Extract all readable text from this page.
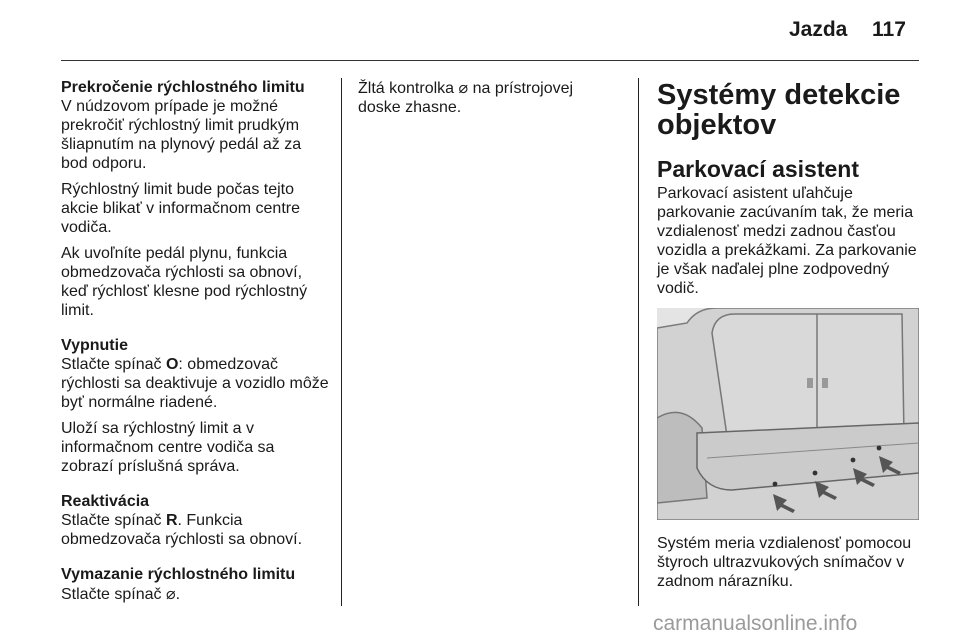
Jazda 117

Prekročenie rýchlostného limitu

V núdzovom prípade je možné prekročiť rýchlostný limit prudkým šliapnutím na plynový pedál až za bod odporu.

Rýchlostný limit bude počas tejto akcie blikať v informačnom centre vodiča.

Ak uvoľníte pedál plynu, funkcia obmedzovača rýchlosti sa obnoví, keď rýchlosť klesne pod rýchlostný limit.

Vypnutie

Stlačte spínač O: obmedzovač rýchlosti sa deaktivuje a vozidlo môže byť normálne riadené.

Uloží sa rýchlostný limit a v informačnom centre vodiča sa zobrazí príslušná správa.

Reaktivácia

Stlačte spínač R. Funkcia obmedzovača rýchlosti sa obnoví.

Vymazanie rýchlostného limitu

Stlačte spínač ⌀.

Žltá kontrolka ⌀ na prístrojovej doske zhasne.	Systémy detekcie objektov
Parkovací asistent

Parkovací asistent uľahčuje parkovanie zacúvaním tak, že meria vzdialenosť medzi zadnou časťou vozidla a prekážkami. Za parkovanie je však naďalej plne zodpovedný vodič.

Systém meria vzdialenosť pomocou štyroch ultrazvukových snímačov v zadnom nárazníku.

carmanualsonline.info
